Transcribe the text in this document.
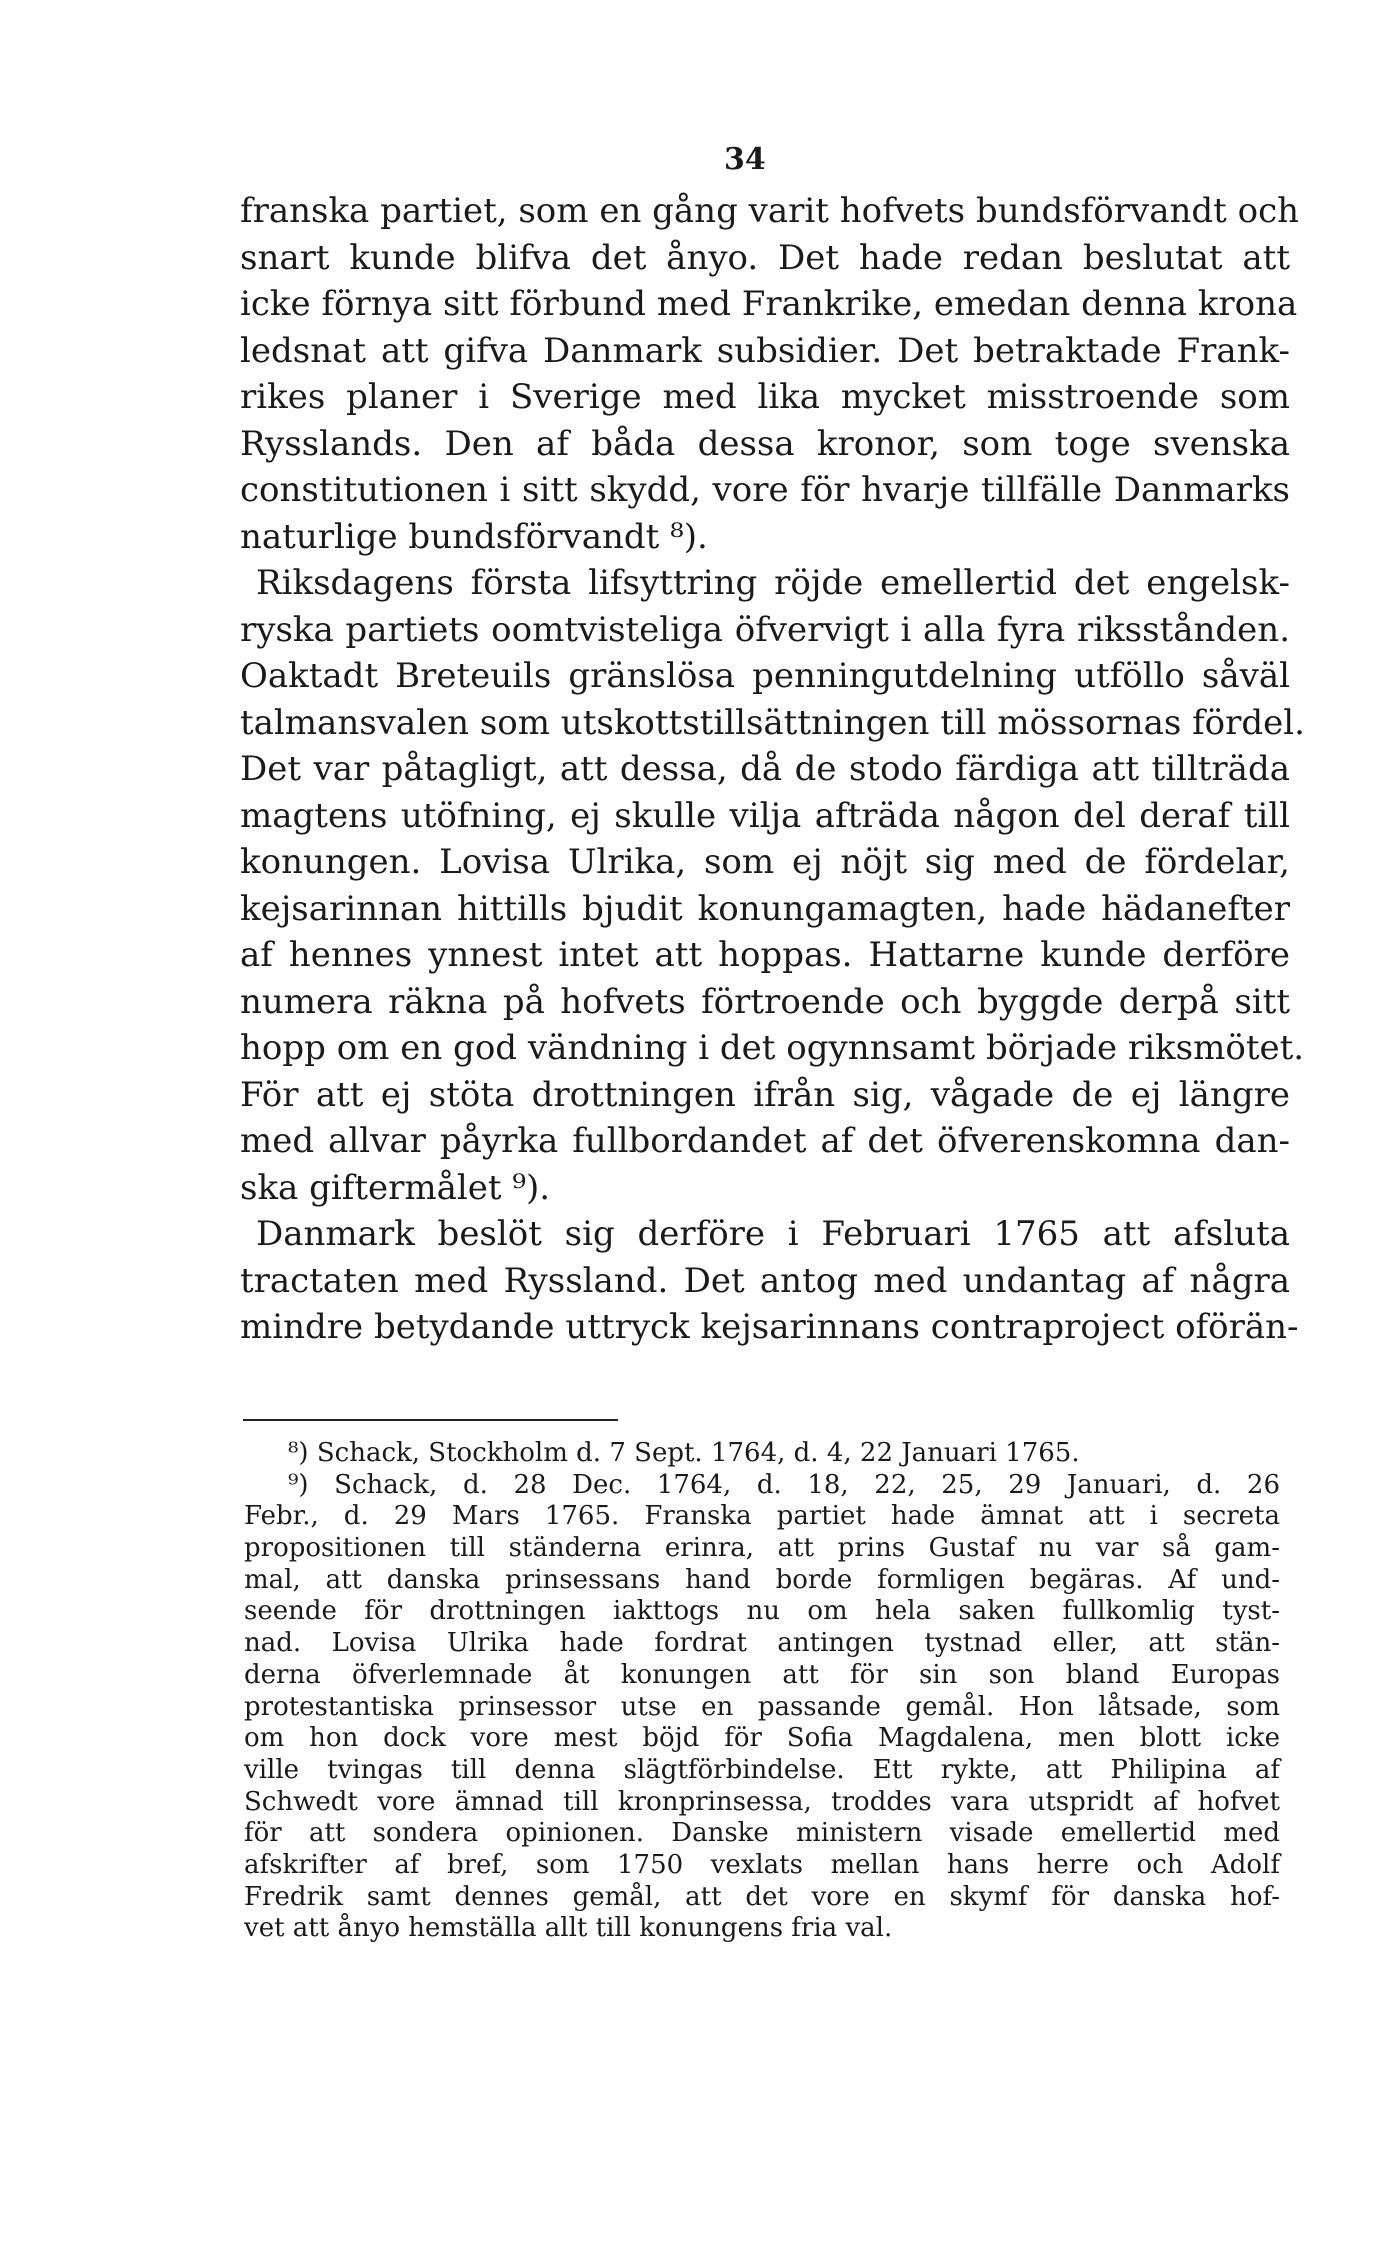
34
franska partiet, som en gång varit hofvets bundsförvandt och
snart kunde blifva det ånyo. Det hade redan beslutat att
icke förnya sitt förbund med Frankrike, emedan denna krona
ledsnat att gifva Danmark subsidier. Det betraktade Frank-
rikes planer i Sverige med lika mycket misstroende som
Rysslands. Den af båda dessa kronor, som toge svenska
constitutionen i sitt skydd, vore för hvarje tillfälle Danmarks
naturlige bundsförvandt ⁸).
Riksdagens första lifsyttring röjde emellertid det engelsk-
ryska partiets oomtvisteliga öfvervigt i alla fyra riksstånden.
Oaktadt Breteuils gränslösa penningutdelning utföllo såväl
talmansvalen som utskottstillsättningen till mössornas fördel.
Det var påtagligt, att dessa, då de stodo färdiga att tillträda
magtens utöfning, ej skulle vilja afträda någon del deraf till
konungen. Lovisa Ulrika, som ej nöjt sig med de fördelar,
kejsarinnan hittills bjudit konungamagten, hade hädanefter
af hennes ynnest intet att hoppas. Hattarne kunde derföre
numera räkna på hofvets förtroende och byggde derpå sitt
hopp om en god vändning i det ogynnsamt började riksmötet.
För att ej stöta drottningen ifrån sig, vågade de ej längre
med allvar påyrka fullbordandet af det öfverenskomna dan-
ska giftermålet ⁹).
Danmark beslöt sig derföre i Februari 1765 att afsluta
tractaten med Ryssland. Det antog med undantag af några
mindre betydande uttryck kejsarinnans contraproject oförän-
⁸) Schack, Stockholm d. 7 Sept. 1764, d. 4, 22 Januari 1765.
⁹) Schack, d. 28 Dec. 1764, d. 18, 22, 25, 29 Januari, d. 26
Febr., d. 29 Mars 1765. Franska partiet hade ämnat att i secreta
propositionen till ständerna erinra, att prins Gustaf nu var så gam-
mal, att danska prinsessans hand borde formligen begäras. Af und-
seende för drottningen iakttogs nu om hela saken fullkomlig tyst-
nad. Lovisa Ulrika hade fordrat antingen tystnad eller, att stän-
derna öfverlemnade åt konungen att för sin son bland Europas
protestantiska prinsessor utse en passande gemål. Hon låtsade, som
om hon dock vore mest böjd för Sofia Magdalena, men blott icke
ville tvingas till denna slägtförbindelse. Ett rykte, att Philipina af
Schwedt vore ämnad till kronprinsessa, troddes vara utspridt af hofvet
för att sondera opinionen. Danske ministern visade emellertid med
afskrifter af bref, som 1750 vexlats mellan hans herre och Adolf
Fredrik samt dennes gemål, att det vore en skymf för danska hof-
vet att ånyo hemställa allt till konungens fria val.
